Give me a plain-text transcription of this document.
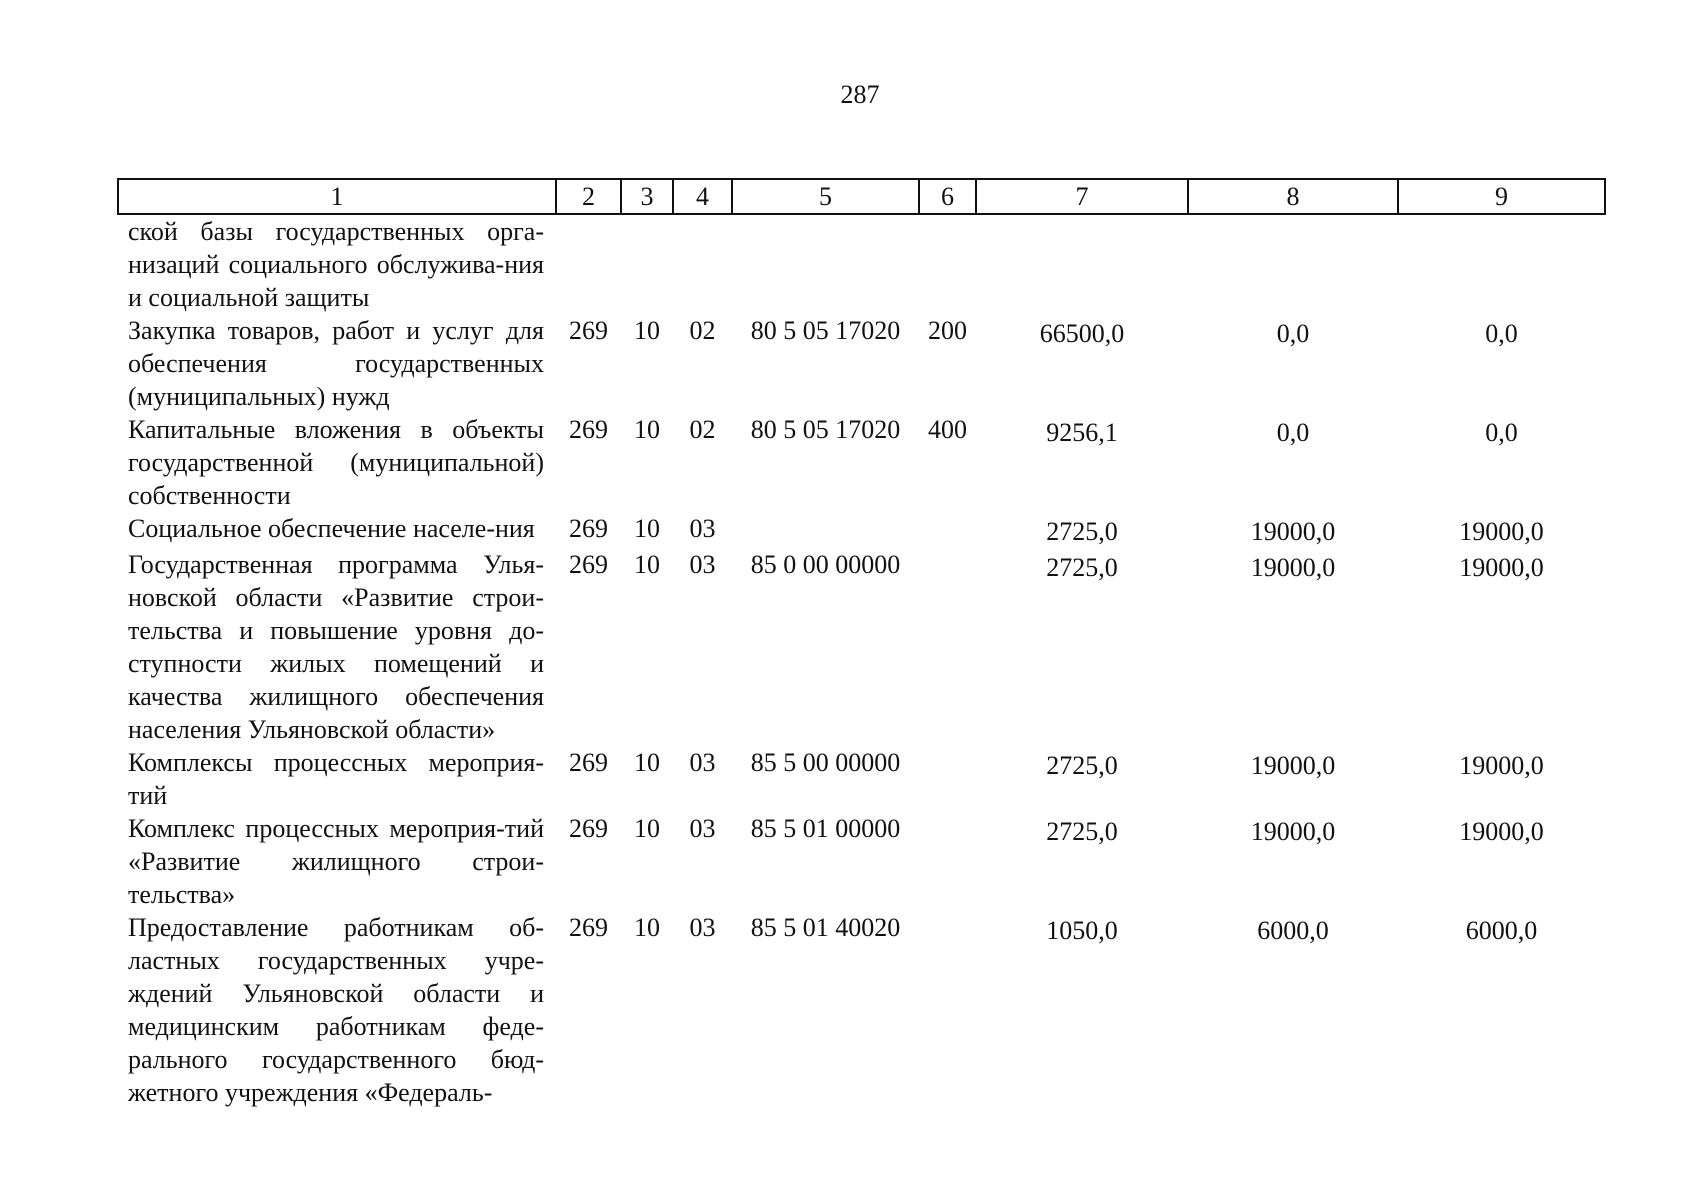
287
1	2	3	4	5	6	7	8	9
ской базы государственных орга-низаций социального обслужива-ния и социальной защиты								
Закупка товаров, работ и услуг для обеспечения государственных (муниципальных) нужд	269	10	02	80 5 05 17020	200	66500,0	0,0	0,0
Капитальные вложения в объекты государственной (муниципальной) собственности	269	10	02	80 5 05 17020	400	9256,1	0,0	0,0
Социальное обеспечение населе-ния	269	10	03			2725,0	19000,0	19000,0
Государственная программа Улья-новской области «Развитие строи-тельства и повышение уровня до-ступности жилых помещений и качества жилищного обеспечения населения Ульяновской области»	269	10	03	85 0 00 00000		2725,0	19000,0	19000,0
Комплексы процессных мероприя-тий	269	10	03	85 5 00 00000		2725,0	19000,0	19000,0
Комплекс процессных мероприя-тий «Развитие жилищного строи-тельства»	269	10	03	85 5 01 00000		2725,0	19000,0	19000,0
Предоставление работникам об-ластных государственных учре-ждений Ульяновской области и медицинским работникам феде-рального государственного бюд-жетного учреждения «Федераль-	269	10	03	85 5 01 40020		1050,0	6000,0	6000,0
